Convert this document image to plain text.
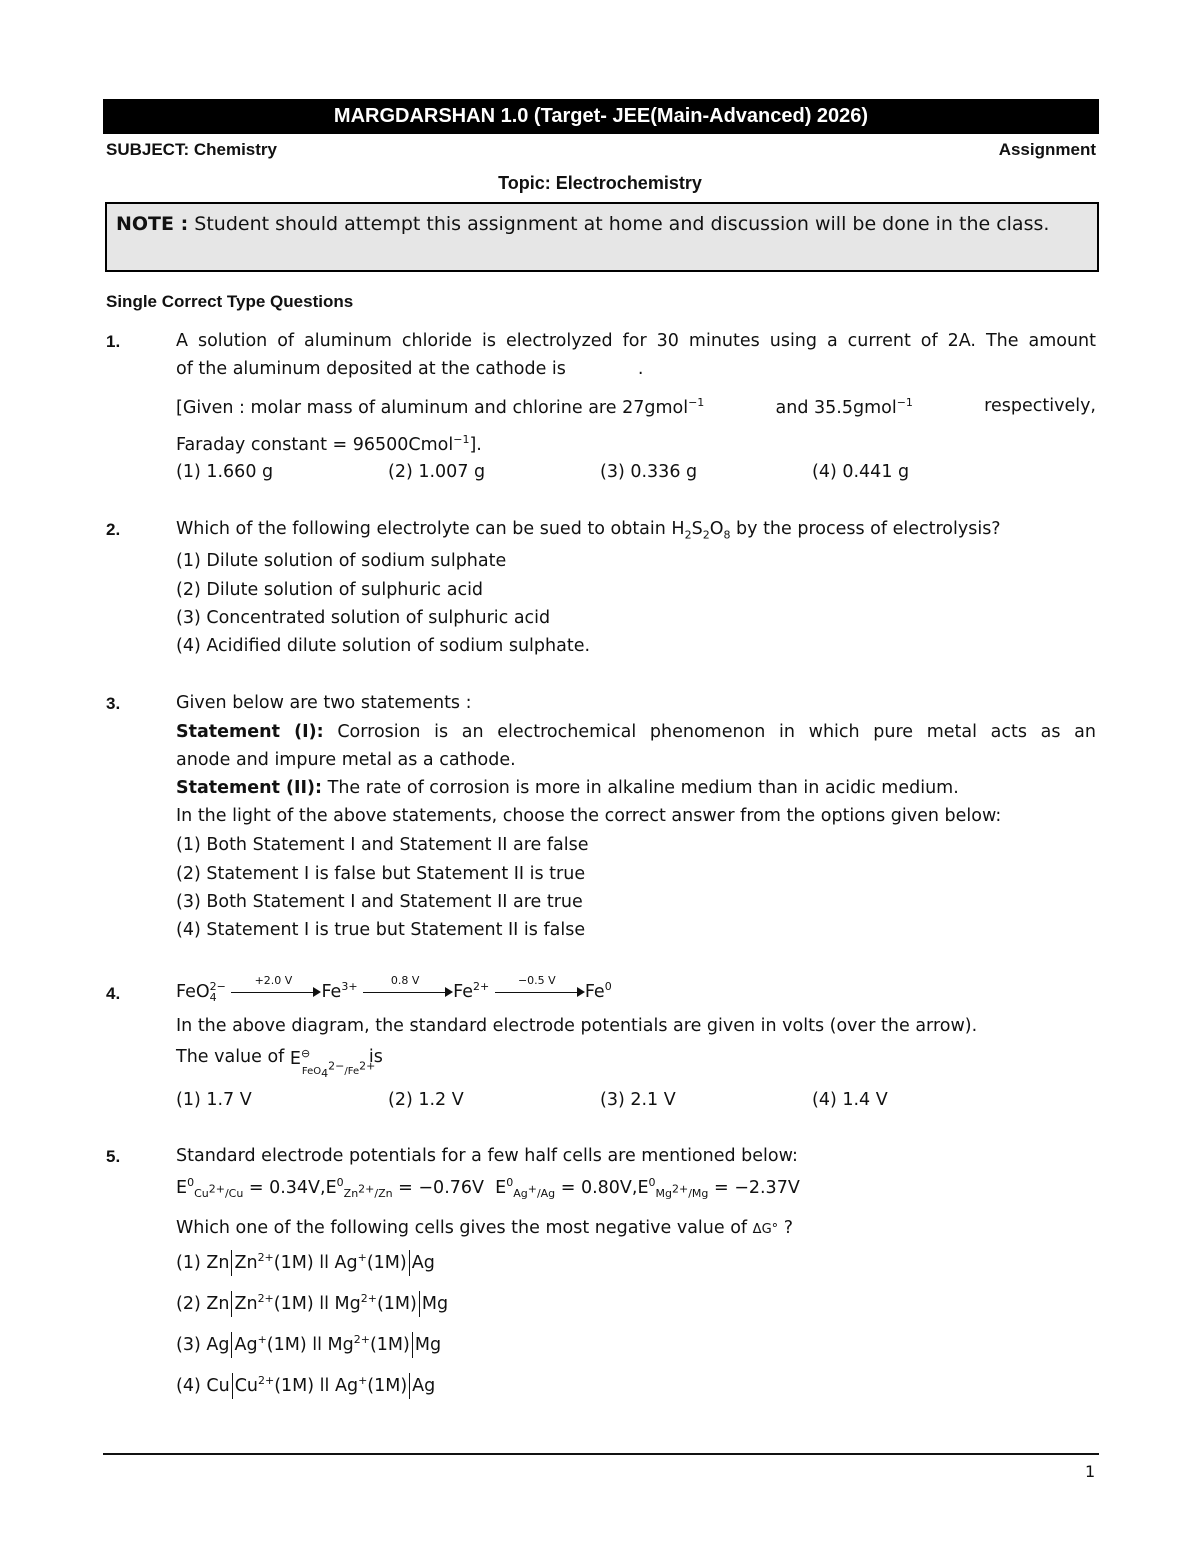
MARGDARSHAN 1.0 (Target- JEE(Main-Advanced) 2026)
SUBJECT: Chemistry	Assignment
Topic: Electrochemistry
NOTE : Student should attempt this assignment at home and discussion will be done in the class.
Single Correct Type Questions
1.	A solution of aluminum chloride is electrolyzed for 30 minutes using a current of 2A. The amount
of the aluminum deposited at the cathode is	.
[Given : molar mass of aluminum and chlorine are 27gmol$^{-1}$	and 35.5gmol$^{-1}$	respectively,
Faraday constant = 96500Cmol$^{-1}$].
(1) 1.660 g	(2) 1.007 g	(3) 0.336 g	(4) 0.441 g
2.	Which of the following electrolyte can be sued to obtain $H_2S_2O_8$ by the process of electrolysis?
(1) Dilute solution of sodium sulphate
(2) Dilute solution of sulphuric acid
(3) Concentrated solution of sulphuric acid
(4) Acidified dilute solution of sodium sulphate.
3.	Given below are two statements :
Statement (I): Corrosion is an electrochemical phenomenon in which pure metal acts as an
anode and impure metal as a cathode.
Statement (II): The rate of corrosion is more in alkaline medium than in acidic medium.
In the light of the above statements, choose the correct answer from the options given below:
(1) Both Statement I and Statement II are false
(2) Statement I is false but Statement II is true
(3) Both Statement I and Statement II are true
(4) Statement I is true but Statement II is false
4.	FeO 2−
4

+2.0 V
$Fe^{3+}$	0.8 V
$Fe^{2+}$	−0.5 V
Fe$^0$
In the above diagram, the standard electrode potentials are given in volts (over the arrow).
The value of E⊖
$^{FeO_4^{2-}/Fe^{2+}}$ is
(1) 1.7 V	(2) 1.2 V	(3) 2.1 V	(4) 1.4 V
5.	Standard electrode potentials for a few half cells are mentioned below:
$E^0_{Cu^{2+}/Cu} = 0.34V,E^0_{Zn^{2+}/Zn} = -0.76V$ $E^0_{Ag^+/Ag} = 0.80V,E^0_{Mg^{2+}/Mg} = -2.37V$
Which one of the following cells gives the most negative value of ΔG° ?
(1) Zn $Zn^{2+}(1M)$ ll Ag+(1M) Ag
(2) Zn $Zn^{2+}(1M)$ ll $Mg^{2+}(1M)$ Mg
(3) Ag Ag+(1M) ll $Mg^{2+}(1M)$ Mg
(4) Cu $Cu^{2+}(1M)$ ll Ag+(1M) Ag
1
